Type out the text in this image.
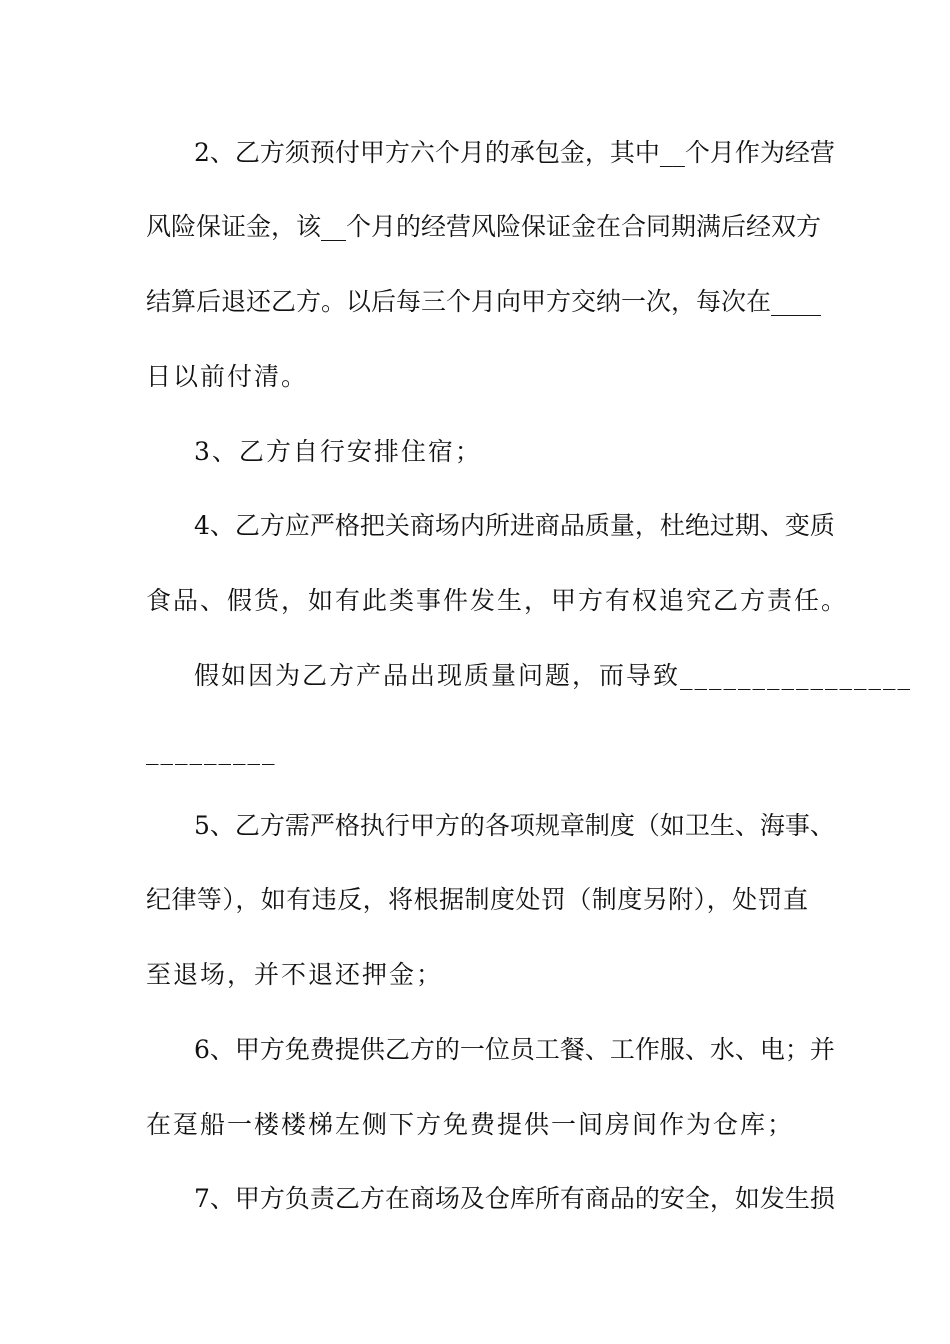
2、乙方须预付甲方六个月的承包金，其中__个月作为经营
风险保证金，该__个月的经营风险保证金在合同期满后经双方
结算后退还乙方。以后每三个月向甲方交纳一次，每次在____
日以前付清。
3、乙方自行安排住宿；
4、乙方应严格把关商场内所进商品质量，杜绝过期、变质
食品、假货，如有此类事件发生，甲方有权追究乙方责任。
假如因为乙方产品出现质量问题，而导致________________
_________
5、乙方需严格执行甲方的各项规章制度（如卫生、海事、
纪律等），如有违反，将根据制度处罚（制度另附），处罚直
至退场，并不退还押金；
6、甲方免费提供乙方的一位员工餐、工作服、水、电；并
在趸船一楼楼梯左侧下方免费提供一间房间作为仓库；
7、甲方负责乙方在商场及仓库所有商品的安全，如发生损
